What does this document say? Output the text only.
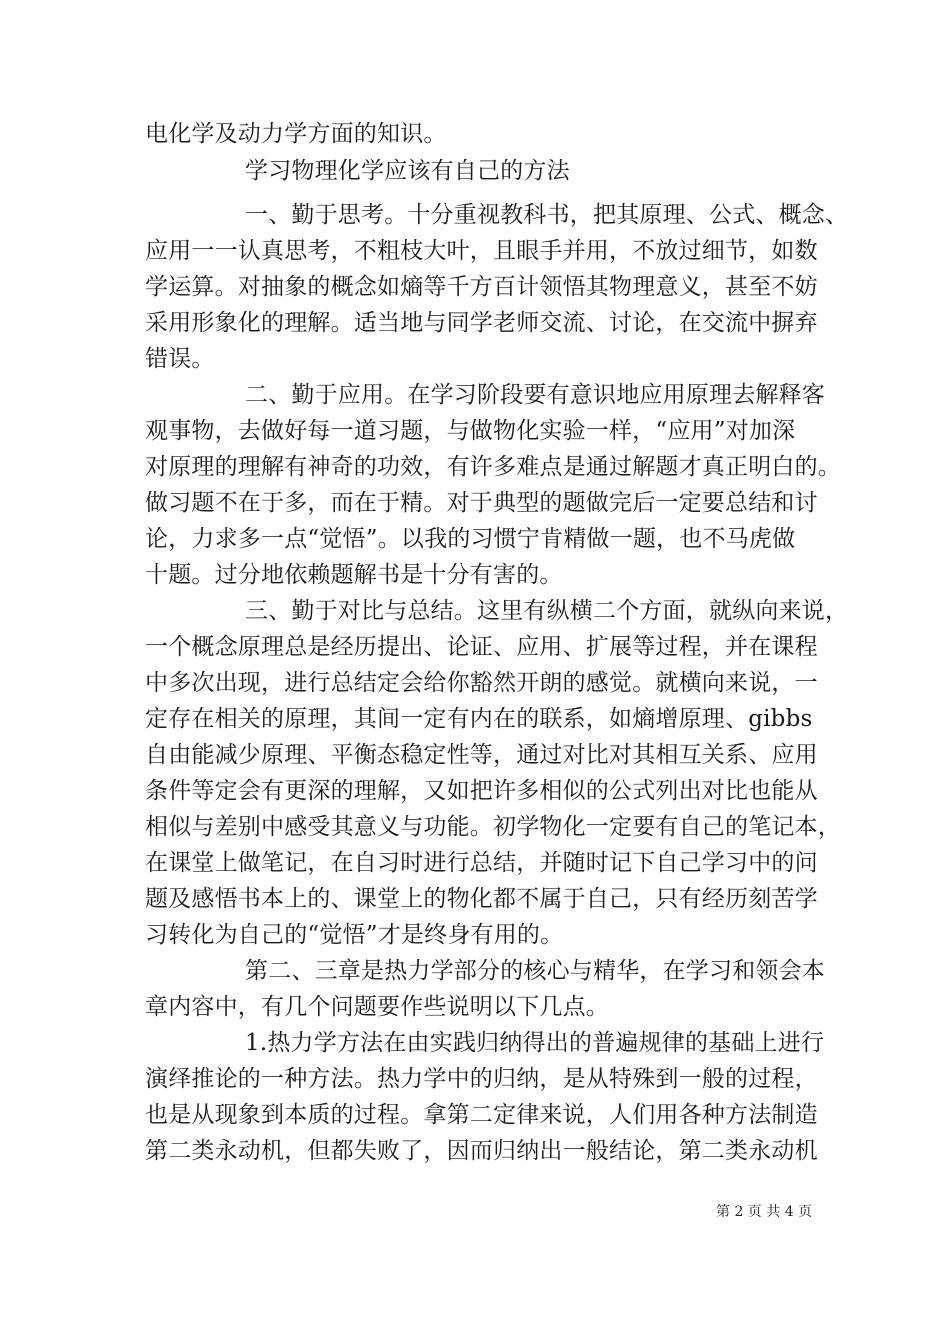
电化学及动力学方面的知识。
学习物理化学应该有自己的方法
一、勤于思考。十分重视教科书，把其原理、公式、概念、
应用一一认真思考，不粗枝大叶，且眼手并用，不放过细节，如数
学运算。对抽象的概念如熵等千方百计领悟其物理意义，甚至不妨
采用形象化的理解。适当地与同学老师交流、讨论，在交流中摒弃
错误。
二、勤于应用。在学习阶段要有意识地应用原理去解释客
观事物，去做好每一道习题，与做物化实验一样，“应用”对加深
对原理的理解有神奇的功效，有许多难点是通过解题才真正明白的。
做习题不在于多，而在于精。对于典型的题做完后一定要总结和讨
论，力求多一点“觉悟”。以我的习惯宁肯精做一题，也不马虎做
十题。过分地依赖题解书是十分有害的。
三、勤于对比与总结。这里有纵横二个方面，就纵向来说，
一个概念原理总是经历提出、论证、应用、扩展等过程，并在课程
中多次出现，进行总结定会给你豁然开朗的感觉。就横向来说，一
定存在相关的原理，其间一定有内在的联系，如熵增原理、gibbs
自由能减少原理、平衡态稳定性等，通过对比对其相互关系、应用
条件等定会有更深的理解，又如把许多相似的公式列出对比也能从
相似与差别中感受其意义与功能。初学物化一定要有自己的笔记本，
在课堂上做笔记，在自习时进行总结，并随时记下自己学习中的问
题及感悟书本上的、课堂上的物化都不属于自己，只有经历刻苦学
习转化为自己的“觉悟”才是终身有用的。
第二、三章是热力学部分的核心与精华，在学习和领会本
章内容中，有几个问题要作些说明以下几点。
1.热力学方法在由实践归纳得出的普遍规律的基础上进行
演绎推论的一种方法。热力学中的归纳，是从特殊到一般的过程，
也是从现象到本质的过程。拿第二定律来说，人们用各种方法制造
第二类永动机，但都失败了，因而归纳出一般结论，第二类永动机
第 2 页 共 4 页
